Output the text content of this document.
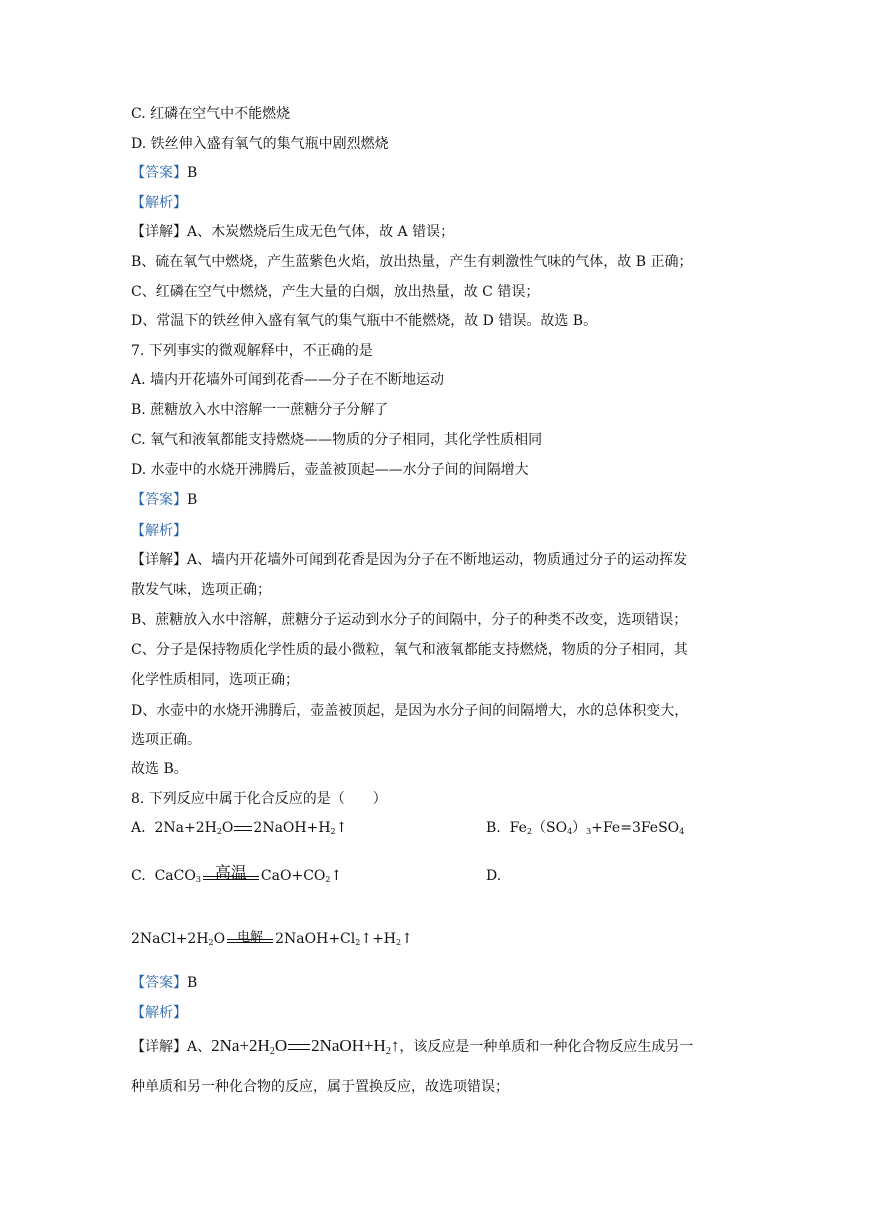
C. 红磷在空气中不能燃烧
D. 铁丝伸入盛有氧气的集气瓶中剧烈燃烧
【答案】B
【解析】
【详解】A、木炭燃烧后生成无色气体，故 A 错误；
B、硫在氧气中燃烧，产生蓝紫色火焰，放出热量，产生有刺激性气味的气体，故 B 正确；
C、红磷在空气中燃烧，产生大量的白烟，放出热量，故 C 错误；
D、常温下的铁丝伸入盛有氧气的集气瓶中不能燃烧，故 D 错误。故选 B。
7. 下列事实的微观解释中，不正确的是
A. 墙内开花墙外可闻到花香——分子在不断地运动
B. 蔗糖放入水中溶解一一蔗糖分子分解了
C. 氧气和液氧都能支持燃烧——物质的分子相同，其化学性质相同
D. 水壶中的水烧开沸腾后，壶盖被顶起——水分子间的间隔增大
【答案】B
【解析】
【详解】A、墙内开花墙外可闻到花香是因为分子在不断地运动，物质通过分子的运动挥发
散发气味，选项正确；
B、蔗糖放入水中溶解，蔗糖分子运动到水分子的间隔中，分子的种类不改变，选项错误；
C、分子是保持物质化学性质的最小微粒，氧气和液氧都能支持燃烧，物质的分子相同，其
化学性质相同，选项正确；
D、水壶中的水烧开沸腾后，壶盖被顶起，是因为水分子间的间隔增大，水的总体积变大，
选项正确。
故选 B。
8. 下列反应中属于化合反应的是（　　）
A. $2Na+2H_2O$ $2NaOH+H_2↑$	B. $Fe_2(SO_4)_3+Fe=3FeSO_4$
C. CaCO$_3$ 高温	$CaO+CO_2↑$	D.
$2NaCl+2H_2O$ 电解 $2NaOH+Cl_2↑+H_2↑$
【答案】B
【解析】
【详解】A、2Na+2H2O 2NaOH+H2↑，该反应是一种单质和一种化合物反应生成另一
种单质和另一种化合物的反应，属于置换反应，故选项错误；
